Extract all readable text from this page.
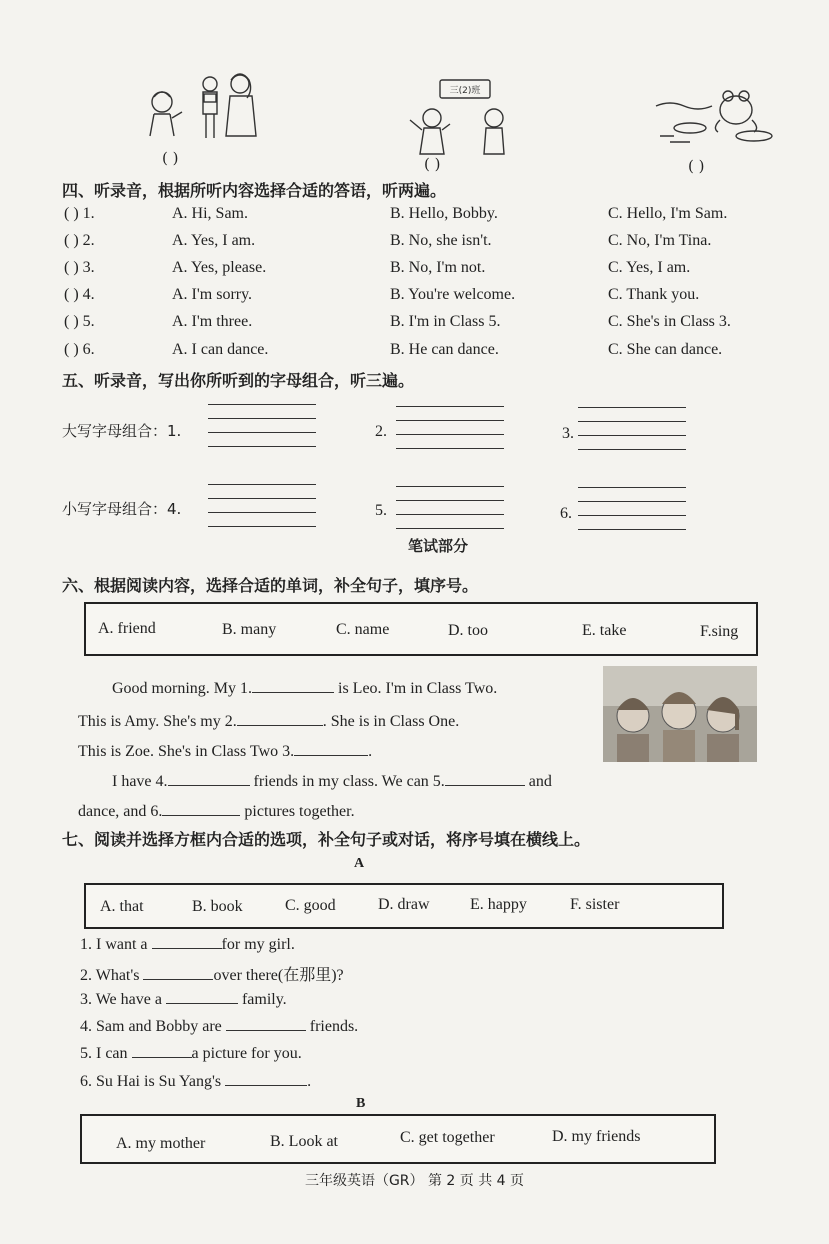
( )
三(2)班
( )	( )
四、听录音，根据所听内容选择合适的答语，听两遍。
( ) 1.	A. Hi, Sam.	B. Hello, Bobby.	C. Hello, I'm Sam.
( ) 2.	A. Yes, I am.	B. No, she isn't.	C. No, I'm Tina.
( ) 3.	A. Yes, please.	B. No, I'm not.	C. Yes, I am.
( ) 4.	A. I'm sorry.	B. You're welcome.	C. Thank you.
( ) 5.	A. I'm three.	B. I'm in Class 5.	C. She's in Class 3.
( ) 6.	A. I can dance.	B. He can dance.	C. She can dance.
五、听录音，写出你所听到的字母组合，听三遍。
大写字母组合：1.	2.	3.
小写字母组合：4.	5.	6.
笔试部分
六、根据阅读内容，选择合适的单词，补全句子，填序号。
A. friend	B. many	C. name	D. too	E. take	F.sing
Good morning. My 1.	is Leo. I'm in Class Two.
This is Amy. She's my 2.	. She is in Class One.
This is Zoe. She's in Class Two 3.	.
I have 4.	friends in my class. We can 5.	and
dance, and 6.	pictures together.
七、阅读并选择方框内合适的选项，补全句子或对话，将序号填在横线上。
A
A. that	B. book	C. good	D. draw	E. happy	F. sister
1. I want a	for my girl.
2. What's	over there(在那里)?
3. We have a	family.
4. Sam and Bobby are	friends.
5. I can	a picture for you.
6. Su Hai is Su Yang's	.
B
A. my mother	B. Look at	C. get together	D. my friends
三年级英语（GR） 第 2 页 共 4 页
